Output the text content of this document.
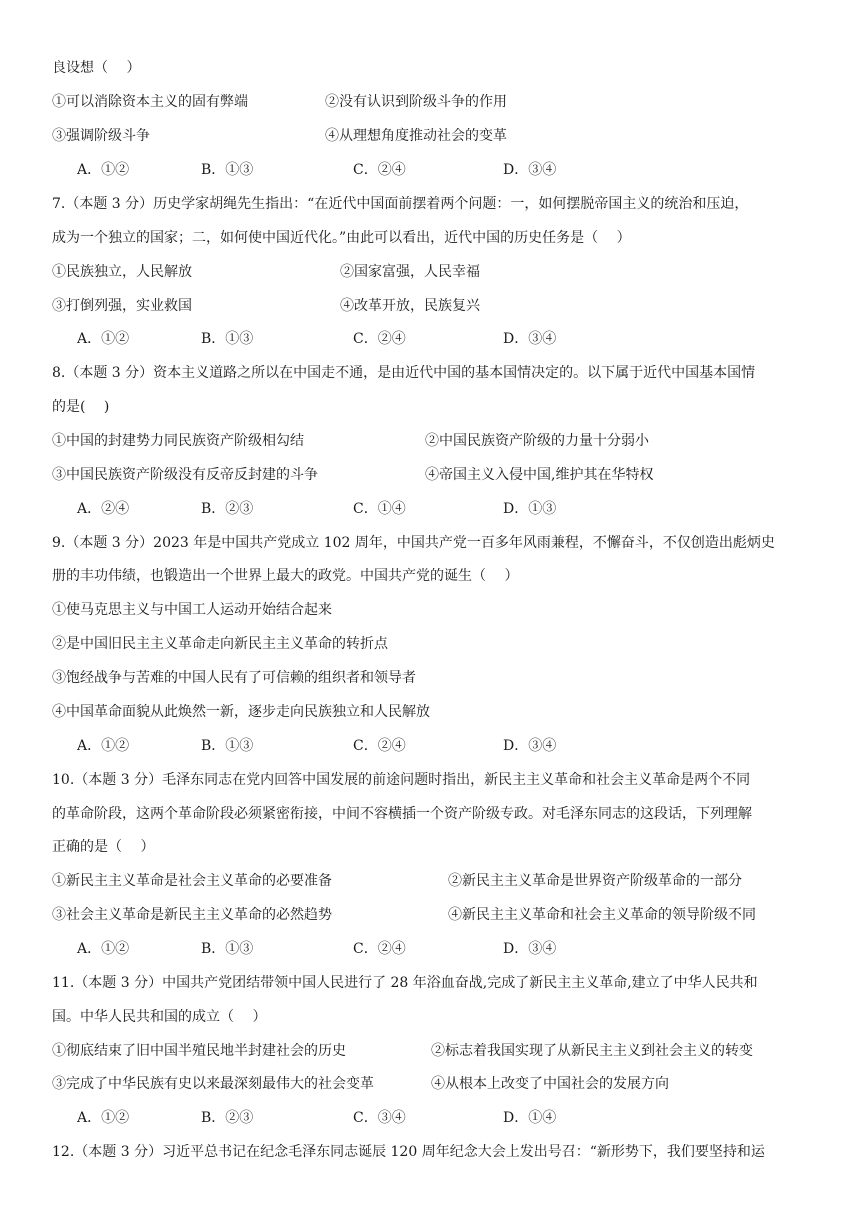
良设想（　 ）
①可以消除资本主义的固有弊端	②没有认识到阶级斗争的作用
③强调阶级斗争	④从理想角度推动社会的变革
A．①②	B．①③	C．②④	D．③④
7.（本题 3 分）历史学家胡绳先生指出：“在近代中国面前摆着两个问题：一，如何摆脱帝国主义的统治和压迫，
成为一个独立的国家；二，如何使中国近代化。”由此可以看出，近代中国的历史任务是（　 ）
①民族独立，人民解放	②国家富强，人民幸福
③打倒列强，实业救国	④改革开放，民族复兴
A．①②	B．①③	C．②④	D．③④
8.（本题 3 分）资本主义道路之所以在中国走不通，是由近代中国的基本国情决定的。以下属于近代中国基本国情
的是(　 )
①中国的封建势力同民族资产阶级相勾结	②中国民族资产阶级的力量十分弱小
③中国民族资产阶级没有反帝反封建的斗争	④帝国主义入侵中国,维护其在华特权
A．②④	B．②③	C．①④	D．①③
9.（本题 3 分）2023 年是中国共产党成立 102 周年，中国共产党一百多年风雨兼程，不懈奋斗，不仅创造出彪炳史
册的丰功伟绩，也锻造出一个世界上最大的政党。中国共产党的诞生（　 ）
①使马克思主义与中国工人运动开始结合起来
②是中国旧民主主义革命走向新民主主义革命的转折点
③饱经战争与苦难的中国人民有了可信赖的组织者和领导者
④中国革命面貌从此焕然一新，逐步走向民族独立和人民解放
A．①②	B．①③	C．②④	D．③④
10.（本题 3 分）毛泽东同志在党内回答中国发展的前途问题时指出，新民主主义革命和社会主义革命是两个不同
的革命阶段，这两个革命阶段必须紧密衔接，中间不容横插一个资产阶级专政。对毛泽东同志的这段话，下列理解
正确的是（　 ）
①新民主主义革命是社会主义革命的必要准备	②新民主主义革命是世界资产阶级革命的一部分
③社会主义革命是新民主主义革命的必然趋势	④新民主主义革命和社会主义革命的领导阶级不同
A．①②	B．①③	C．②④	D．③④
11.（本题 3 分）中国共产党团结带领中国人民进行了 28 年浴血奋战,完成了新民主主义革命,建立了中华人民共和
国。中华人民共和国的成立（　 ）
①彻底结束了旧中国半殖民地半封建社会的历史	②标志着我国实现了从新民主主义到社会主义的转变
③完成了中华民族有史以来最深刻最伟大的社会变革	④从根本上改变了中国社会的发展方向
A．①②	B．②③	C．③④	D．①④
12.（本题 3 分）习近平总书记在纪念毛泽东同志诞辰 120 周年纪念大会上发出号召：“新形势下，我们要坚持和运
